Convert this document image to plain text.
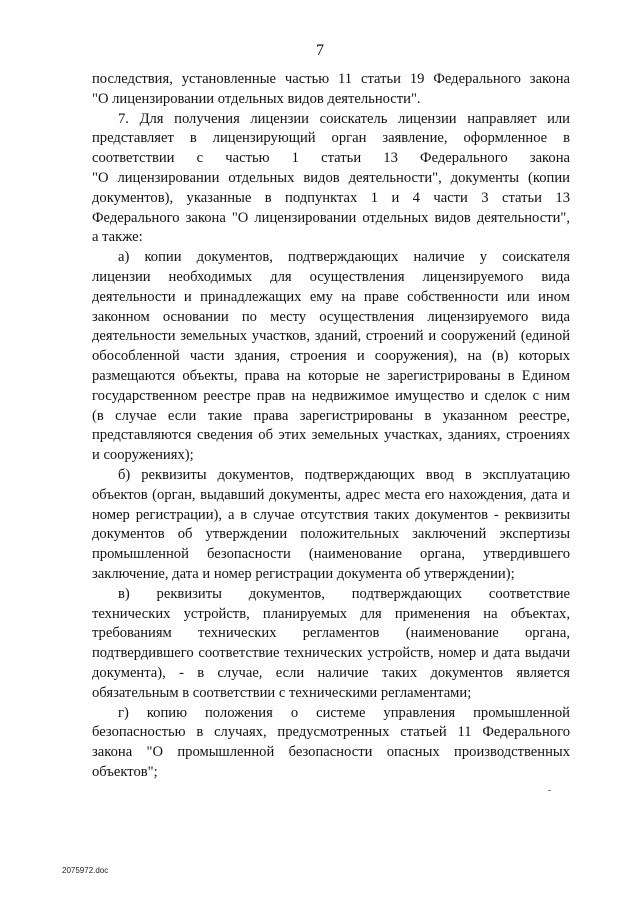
7

последствия, установленные частью 11 статьи 19 Федерального закона
"О лицензировании отдельных видов деятельности".

7. Для получения лицензии соискатель лицензии направляет или
представляет в лицензирующий орган заявление, оформленное в
соответствии с частью 1 статьи 13 Федерального закона
"О лицензировании отдельных видов деятельности", документы (копии
документов), указанные в подпунктах 1 и 4 части 3 статьи 13
Федерального закона "О лицензировании отдельных видов деятельности",
а также:

а) копии документов, подтверждающих наличие у соискателя
лицензии необходимых для осуществления лицензируемого вида
деятельности и принадлежащих ему на праве собственности или ином
законном основании по месту осуществления лицензируемого вида
деятельности земельных участков, зданий, строений и сооружений (единой
обособленной части здания, строения и сооружения), на (в) которых
размещаются объекты, права на которые не зарегистрированы в Едином
государственном реестре прав на недвижимое имущество и сделок с ним
(в случае если такие права зарегистрированы в указанном реестре,
представляются сведения об этих земельных участках, зданиях, строениях
и сооружениях);

б) реквизиты документов, подтверждающих ввод в эксплуатацию
объектов (орган, выдавший документы, адрес места его нахождения, дата и
номер регистрации), а в случае отсутствия таких документов - реквизиты
документов об утверждении положительных заключений экспертизы
промышленной безопасности (наименование органа, утвердившего
заключение, дата и номер регистрации документа об утверждении);

в) реквизиты документов, подтверждающих соответствие
технических устройств, планируемых для применения на объектах,
требованиям технических регламентов (наименование органа,
подтвердившего соответствие технических устройств, номер и дата выдачи
документа), - в случае, если наличие таких документов является
обязательным в соответствии с техническими регламентами;

г) копию положения о системе управления промышленной
безопасностью в случаях, предусмотренных статьей 11 Федерального
закона "О промышленной безопасности опасных производственных
объектов";

2075972.doc
